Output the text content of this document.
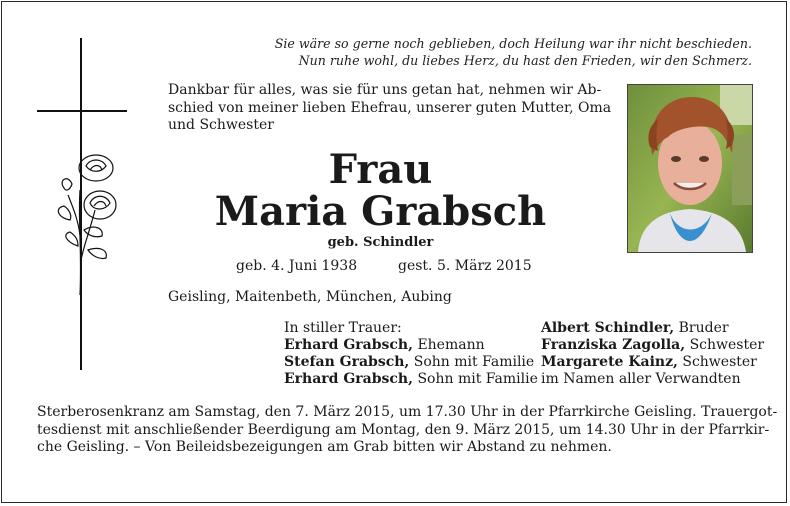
Sie wäre so gerne noch geblieben, doch Heilung war ihr nicht beschieden.
Nun ruhe wohl, du liebes Herz, du hast den Frieden, wir den Schmerz.
Dankbar für alles, was sie für uns getan hat, nehmen wir Ab-
schied von meiner lieben Ehefrau, unserer guten Mutter, Oma
und Schwester
Frau
Maria Grabsch
geb. Schindler
geb. 4. Juni 1938	gest. 5. März 2015
Geisling, Maitenbeth, München, Aubing
In stiller Trauer:
Erhard Grabsch, Ehemann
Stefan Grabsch, Sohn mit Familie
Erhard Grabsch, Sohn mit Familie
Albert Schindler, Bruder
Franziska Zagolla, Schwester
Margarete Kainz, Schwester
im Namen aller Verwandten
Sterberosenkranz am Samstag, den 7. März 2015, um 17.30 Uhr in der Pfarrkirche Geisling. Trauergot-
tesdienst mit anschließender Beerdigung am Montag, den 9. März 2015, um 14.30 Uhr in der Pfarrkir-
che Geisling. – Von Beileidsbezeigungen am Grab bitten wir Abstand zu nehmen.
